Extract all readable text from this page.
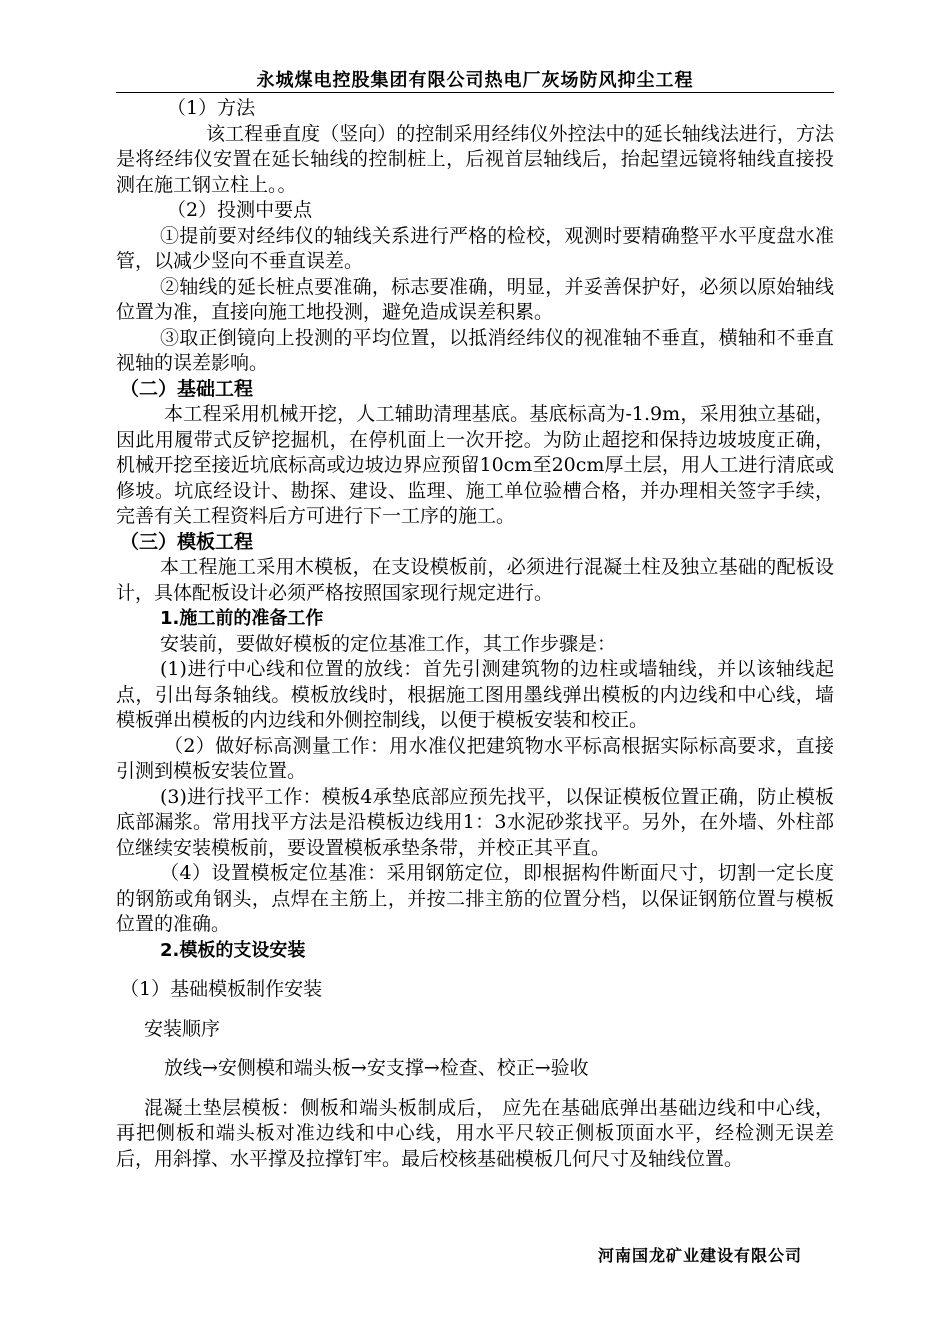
永城煤电控股集团有限公司热电厂灰场防风抑尘工程

（1）方法

该工程垂直度（竖向）的控制采用经纬仪外控法中的延长轴线法进行，方法是将经纬仪安置在延长轴线的控制桩上，后视首层轴线后，抬起望远镜将轴线直接投测在施工钢立柱上。。

（2）投测中要点

①提前要对经纬仪的轴线关系进行严格的检校，观测时要精确整平水平度盘水准管，以减少竖向不垂直误差。

②轴线的延长桩点要准确，标志要准确，明显，并妥善保护好，必须以原始轴线位置为准，直接向施工地投测，避免造成误差积累。

③取正倒镜向上投测的平均位置，以抵消经纬仪的视准轴不垂直，横轴和不垂直视轴的误差影响。

（二）基础工程

本工程采用机械开挖，人工辅助清理基底。基底标高为-1.9m，采用独立基础，因此用履带式反铲挖掘机，在停机面上一次开挖。为防止超挖和保持边坡坡度正确，机械开挖至接近坑底标高或边坡边界应预留10cm至20cm厚土层，用人工进行清底或修坡。坑底经设计、勘探、建设、监理、施工单位验槽合格，并办理相关签字手续，完善有关工程资料后方可进行下一工序的施工。

（三）模板工程

本工程施工采用木模板，在支设模板前，必须进行混凝土柱及独立基础的配板设计，具体配板设计必须严格按照国家现行规定进行。

1.施工前的准备工作

安装前，要做好模板的定位基准工作，其工作步骤是：

(1)进行中心线和位置的放线：首先引测建筑物的边柱或墙轴线，并以该轴线起点，引出每条轴线。模板放线时，根据施工图用墨线弹出模板的内边线和中心线，墙模板弹出模板的内边线和外侧控制线，以便于模板安装和校正。

（2）做好标高测量工作：用水准仪把建筑物水平标高根据实际标高要求，直接引测到模板安装位置。

(3)进行找平工作：模板4承垫底部应预先找平，以保证模板位置正确，防止模板底部漏浆。常用找平方法是沿模板边线用1：3水泥砂浆找平。另外，在外墙、外柱部位继续安装模板前，要设置模板承垫条带，并校正其平直。

（4）设置模板定位基准：采用钢筋定位，即根据构件断面尺寸，切割一定长度的钢筋或角钢头，点焊在主筋上，并按二排主筋的位置分档，以保证钢筋位置与模板位置的准确。

2.模板的支设安装

（1）基础模板制作安装

安装顺序

放线→安侧模和端头板→安支撑→检查、校正→验收

混凝土垫层模板：侧板和端头板制成后， 应先在基础底弹出基础边线和中心线，再把侧板和端头板对准边线和中心线，用水平尺较正侧板顶面水平，经检测无误差后，用斜撑、水平撑及拉撑钉牢。最后校核基础模板几何尺寸及轴线位置。

河南国龙矿业建设有限公司
